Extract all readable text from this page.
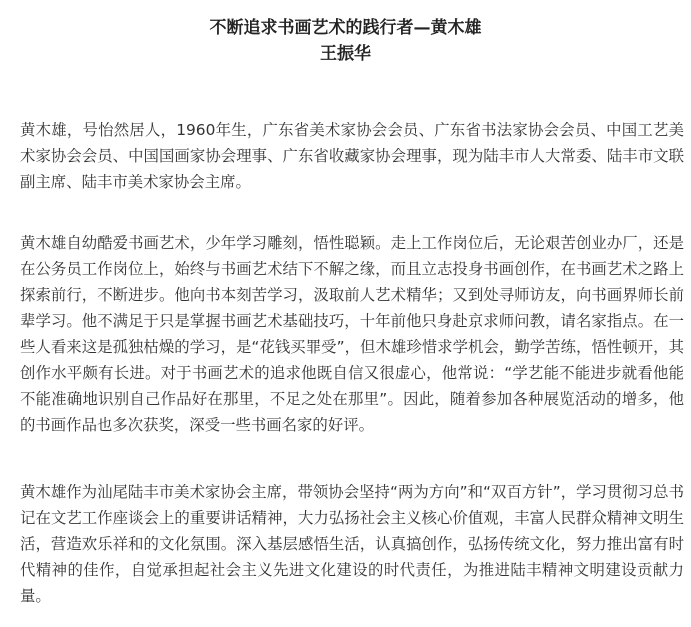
不断追求书画艺术的践行者—黄木雄
王振华

黄木雄，号怡然居人，1960年生，广东省美术家协会会员、广东省书法家协会会员、中国工艺美术家协会会员、中国国画家协会理事、广东省收藏家协会理事，现为陆丰市人大常委、陆丰市文联副主席、陆丰市美术家协会主席。

黄木雄自幼酷爱书画艺术，少年学习雕刻，悟性聪颖。走上工作岗位后，无论艰苦创业办厂，还是在公务员工作岗位上，始终与书画艺术结下不解之缘，而且立志投身书画创作，在书画艺术之路上探索前行，不断进步。他向书本刻苦学习，汲取前人艺术精华；又到处寻师访友，向书画界师长前辈学习。他不满足于只是掌握书画艺术基础技巧，十年前他只身赴京求师问教，请名家指点。在一些人看来这是孤独枯燥的学习，是“花钱买罪受”，但木雄珍惜求学机会，勤学苦练，悟性顿开，其创作水平颇有长进。对于书画艺术的追求他既自信又很虚心，他常说：“学艺能不能进步就看他能不能准确地识别自己作品好在那里，不足之处在那里”。因此，随着参加各种展览活动的增多，他的书画作品也多次获奖，深受一些书画名家的好评。

黄木雄作为汕尾陆丰市美术家协会主席，带领协会坚持“两为方向”和“双百方针”，学习贯彻习总书记在文艺工作座谈会上的重要讲话精神，大力弘扬社会主义核心价值观，丰富人民群众精神文明生活，营造欢乐祥和的文化氛围。深入基层感悟生活，认真搞创作，弘扬传统文化，努力推出富有时代精神的佳作，自觉承担起社会主义先进文化建设的时代责任，为推进陆丰精神文明建设贡献力量。
